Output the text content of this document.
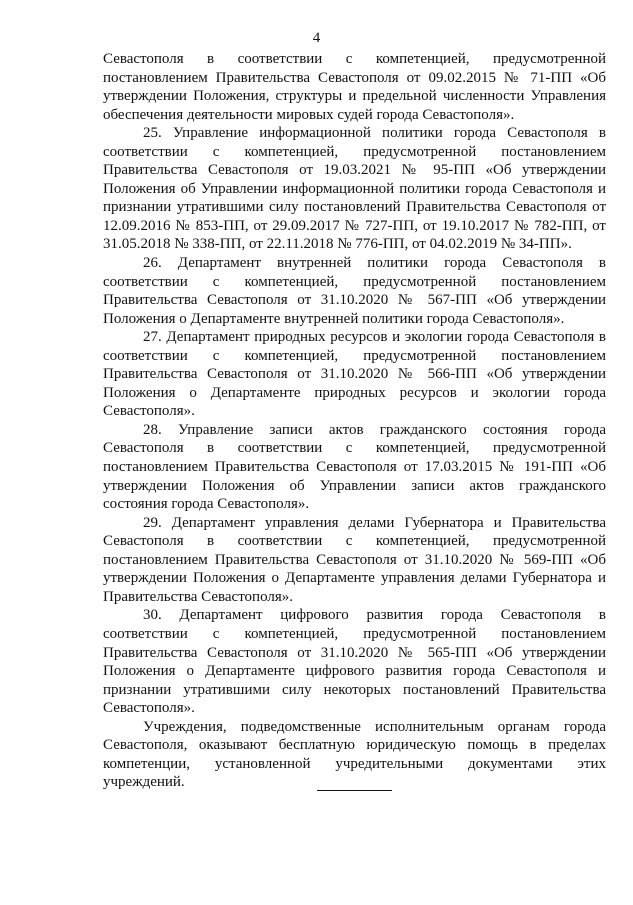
4

Севастополя в соответствии с компетенцией, предусмотренной постановлением Правительства Севастополя от 09.02.2015 № 71-ПП «Об утверждении Положения, структуры и предельной численности Управления обеспечения деятельности мировых судей города Севастополя».

25. Управление информационной политики города Севастополя в соответствии с компетенцией, предусмотренной постановлением Правительства Севастополя от 19.03.2021 № 95-ПП «Об утверждении Положения об Управлении информационной политики города Севастополя и признании утратившими силу постановлений Правительства Севастополя от 12.09.2016 № 853-ПП, от 29.09.2017 № 727-ПП, от 19.10.2017 № 782-ПП, от 31.05.2018 № 338-ПП, от 22.11.2018 № 776-ПП, от 04.02.2019 № 34-ПП».

26. Департамент внутренней политики города Севастополя в соответствии с компетенцией, предусмотренной постановлением Правительства Севастополя от 31.10.2020 № 567-ПП «Об утверждении Положения о Департаменте внутренней политики города Севастополя».

27. Департамент природных ресурсов и экологии города Севастополя в соответствии с компетенцией, предусмотренной постановлением Правительства Севастополя от 31.10.2020 № 566-ПП «Об утверждении Положения о Департаменте природных ресурсов и экологии города Севастополя».

28. Управление записи актов гражданского состояния города Севастополя в соответствии с компетенцией, предусмотренной постановлением Правительства Севастополя от 17.03.2015 № 191-ПП «Об утверждении Положения об Управлении записи актов гражданского состояния города Севастополя».

29. Департамент управления делами Губернатора и Правительства Севастополя в соответствии с компетенцией, предусмотренной постановлением Правительства Севастополя от 31.10.2020 № 569-ПП «Об утверждении Положения о Департаменте управления делами Губернатора и Правительства Севастополя».

30. Департамент цифрового развития города Севастополя в соответствии с компетенцией, предусмотренной постановлением Правительства Севастополя от 31.10.2020 № 565-ПП «Об утверждении Положения о Департаменте цифрового развития города Севастополя и признании утратившими силу некоторых постановлений Правительства Севастополя».

Учреждения, подведомственные исполнительным органам города Севастополя, оказывают бесплатную юридическую помощь в пределах компетенции, установленной учредительными документами этих учреждений.
